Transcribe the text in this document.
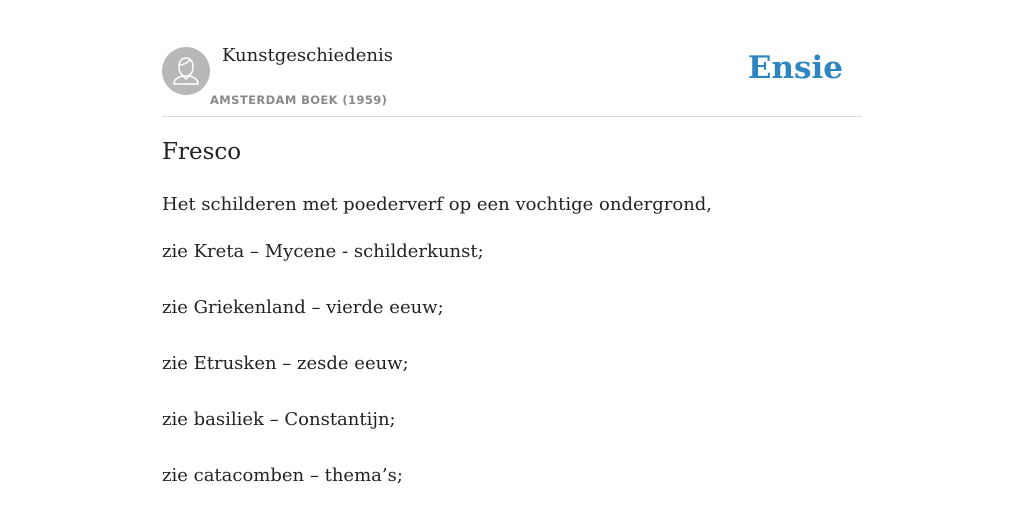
Kunstgeschiedenis
AMSTERDAM BOEK (1959)
Ensie
Fresco

Het schilderen met poederverf op een vochtige ondergrond,

zie Kreta – Mycene - schilderkunst;

zie Griekenland – vierde eeuw;

zie Etrusken – zesde eeuw;

zie basiliek – Constantijn;

zie catacomben – thema’s;
